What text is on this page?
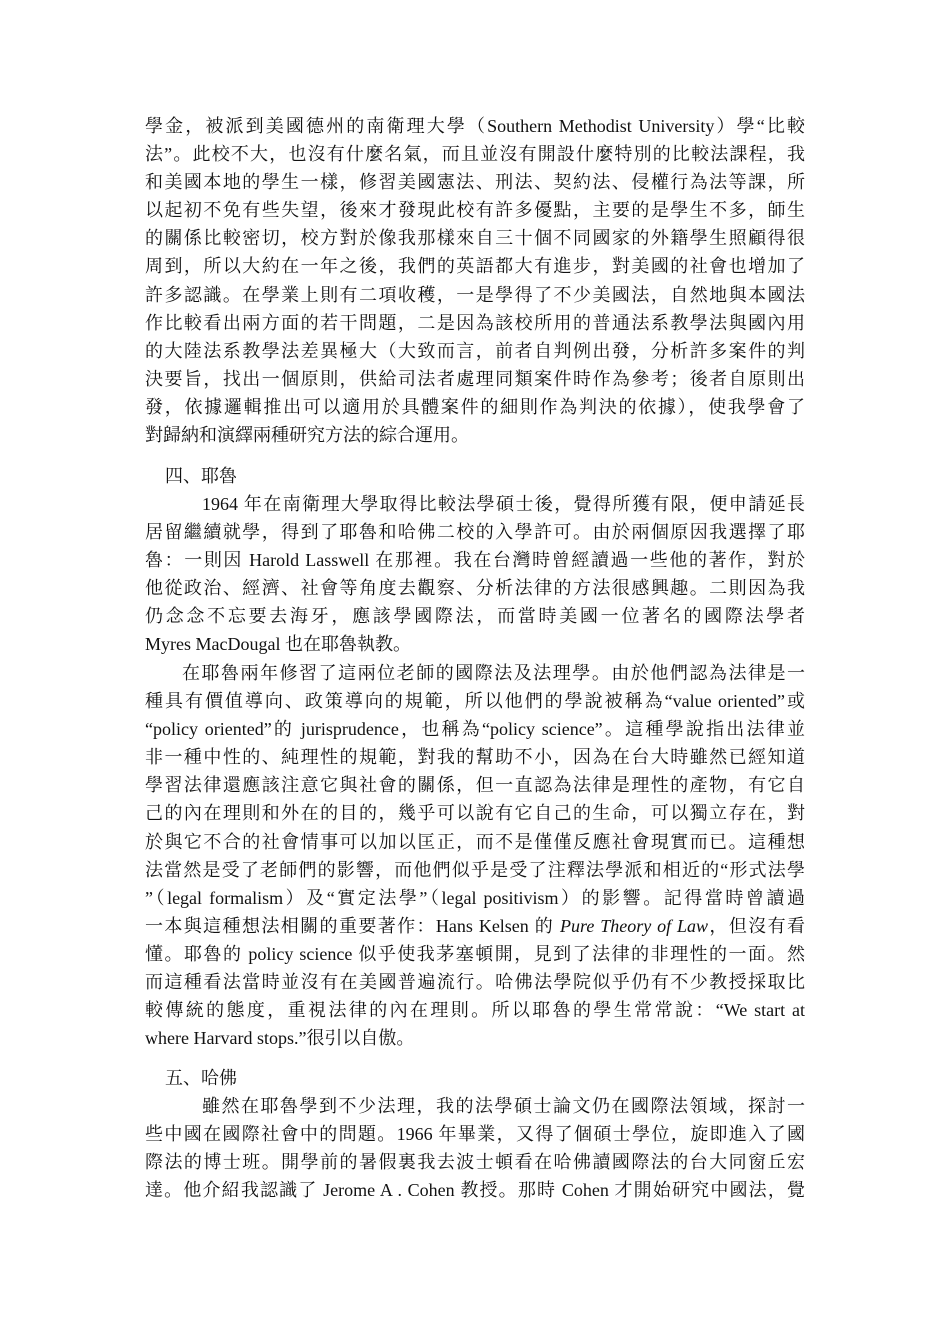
學金，被派到美國德州的南衛理大學（Southern Methodist University）學“比較
法”。此校不大，也沒有什麼名氣，而且並沒有開設什麼特別的比較法課程，我
和美國本地的學生一樣，修習美國憲法、刑法、契約法、侵權行為法等課，所
以起初不免有些失望，後來才發現此校有許多優點，主要的是學生不多，師生
的關係比較密切，校方對於像我那樣來自三十個不同國家的外籍學生照顧得很
周到，所以大約在一年之後，我們的英語都大有進步，對美國的社會也增加了
許多認識。在學業上則有二項收穫，一是學得了不少美國法，自然地與本國法
作比較看出兩方面的若干問題，二是因為該校所用的普通法系教學法與國內用
的大陸法系教學法差異極大（大致而言，前者自判例出發，分析許多案件的判
決要旨，找出一個原則，供給司法者處理同類案件時作為參考；後者自原則出
發，依據邏輯推出可以適用於具體案件的細則作為判決的依據），使我學會了
對歸納和演繹兩種研究方法的綜合運用。
四、耶魯
1964 年在南衛理大學取得比較法學碩士後，覺得所獲有限，便申請延長
居留繼續就學，得到了耶魯和哈佛二校的入學許可。由於兩個原因我選擇了耶
魯：一則因 Harold Lasswell 在那裡。我在台灣時曾經讀過一些他的著作，對於
他從政治、經濟、社會等角度去觀察、分析法律的方法很感興趣。二則因為我
仍念念不忘要去海牙，應該學國際法，而當時美國一位著名的國際法學者
Myres MacDougal 也在耶魯執教。
在耶魯兩年修習了這兩位老師的國際法及法理學。由於他們認為法律是一
種具有價值導向、政策導向的規範，所以他們的學說被稱為“value oriented”或
“policy oriented”的 jurisprudence，也稱為“policy science”。這種學說指出法律並
非一種中性的、純理性的規範，對我的幫助不小，因為在台大時雖然已經知道
學習法律還應該注意它與社會的關係，但一直認為法律是理性的產物，有它自
己的內在理則和外在的目的，幾乎可以說有它自己的生命，可以獨立存在，對
於與它不合的社會情事可以加以匡正，而不是僅僅反應社會現實而已。這種想
法當然是受了老師們的影響，而他們似乎是受了注釋法學派和相近的“形式法學
”（legal formalism）及“實定法學”（legal positivism）的影響。記得當時曾讀過
一本與這種想法相關的重要著作：Hans Kelsen 的 Pure Theory of Law，但沒有看
懂。耶魯的 policy science 似乎使我茅塞頓開，見到了法律的非理性的一面。然
而這種看法當時並沒有在美國普遍流行。哈佛法學院似乎仍有不少教授採取比
較傳統的態度，重視法律的內在理則。所以耶魯的學生常常說：“We start at
where Harvard stops.”很引以自傲。
五、哈佛
雖然在耶魯學到不少法理，我的法學碩士論文仍在國際法領域，探討一
些中國在國際社會中的問題。1966 年畢業，又得了個碩士學位，旋即進入了國
際法的博士班。開學前的暑假裏我去波士頓看在哈佛讀國際法的台大同窗丘宏
達。他介紹我認識了 Jerome A . Cohen 教授。那時 Cohen 才開始研究中國法，覺
